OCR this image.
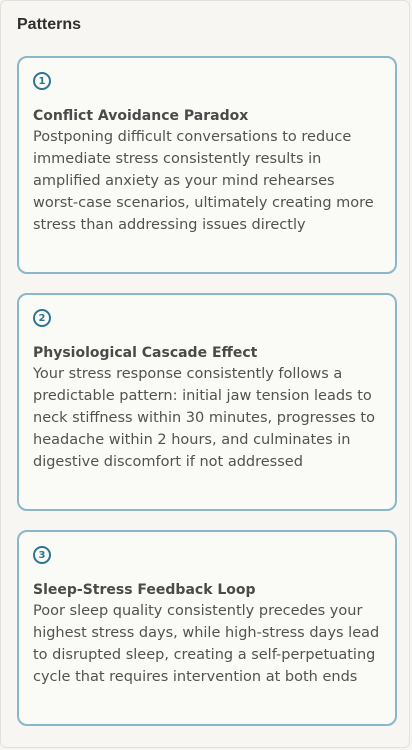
Patterns
1
Conflict Avoidance Paradox
Postponing difficult conversations to reduce immediate stress consistently results in amplified anxiety as your mind rehearses worst-case scenarios, ultimately creating more stress than addressing issues directly
2
Physiological Cascade Effect
Your stress response consistently follows a predictable pattern: initial jaw tension leads to neck stiffness within 30 minutes, progresses to headache within 2 hours, and culminates in digestive discomfort if not addressed
3
Sleep-Stress Feedback Loop
Poor sleep quality consistently precedes your highest stress days, while high-stress days lead to disrupted sleep, creating a self-perpetuating cycle that requires intervention at both ends
